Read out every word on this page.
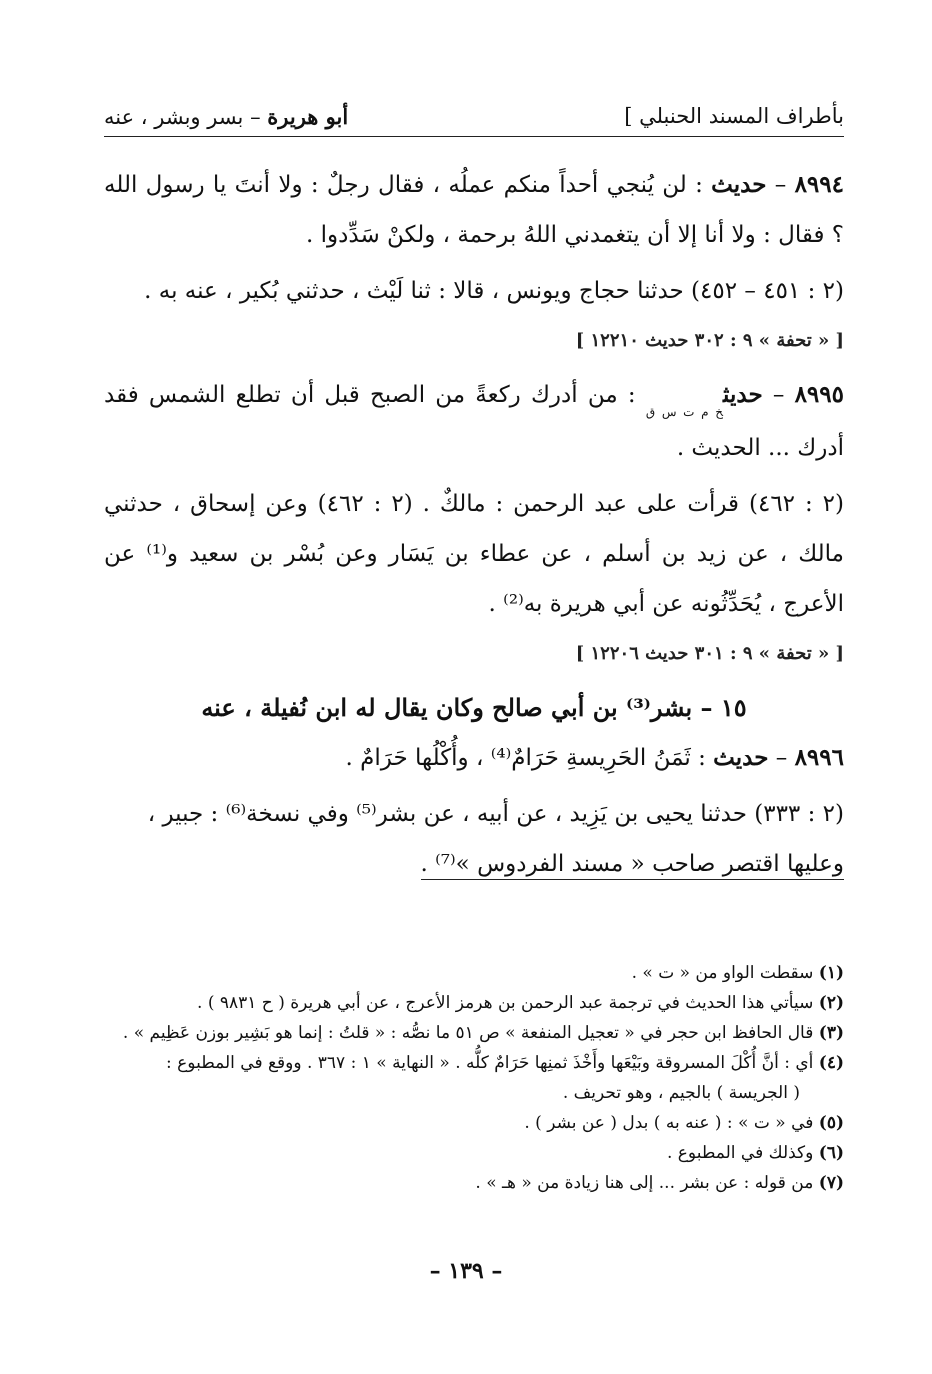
بأطراف المسند الحنبلي ]
أبو هريرة – بسر وبشر ، عنه

٨٩٩٤ – حديث : لن يُنجي أحداً منكم عملُه ، فقال رجلٌ : ولا أنتَ يا رسول الله ؟ فقال : ولا أنا إلا أن يتغمدني اللهُ برحمة ، ولكنْ سَدِّدوا .

(٢ : ٤٥١ – ٤٥٢) حدثنا حجاج ويونس ، قالا : ثنا لَيْث ، حدثني بُكير ، عنه به .

[ « تحفة » ٩ : ٣٠٢ حديث ١٢٢١٠ ]

٨٩٩٥ – حديث$_{خ م ت س ق}$ : من أدرك ركعةً من الصبح قبل أن تطلع الشمس فقد أدرك ... الحديث .

(٢ : ٤٦٢) قرأت على عبد الرحمن : مالكٌ . (٢ : ٤٦٢) وعن إسحاق ، حدثني مالك ، عن زيد بن أسلم ، عن عطاء بن يَسَار وعن بُسْر بن سعيد و⁽¹⁾ عن الأعرج ، يُحَدِّثُونه عن أبي هريرة به⁽²⁾ .

[ « تحفة » ٩ : ٣٠١ حديث ١٢٢٠٦ ]

١٥ – بشر⁽³⁾ بن أبي صالح وكان يقال له ابن نُفيلة ، عنه

٨٩٩٦ – حديث : ثَمَنُ الحَرِيسةِ حَرَامٌ⁽⁴⁾ ، وأُكْلُها حَرَامٌ .

(٢ : ٣٣٣) حدثنا يحيى بن يَزِيد ، عن أبيه ، عن بشر⁽⁵⁾ وفي نسخة⁽⁶⁾ : جبير ،
وعليها اقتصر صاحب « مسند الفردوس »⁽⁷⁾ .

(١) سقطت الواو من « ت » .

(٢) سيأتي هذا الحديث في ترجمة عبد الرحمن بن هرمز الأعرج ، عن أبي هريرة ( ح ٩٨٣١ ) .

(٣) قال الحافظ ابن حجر في « تعجيل المنفعة » ص ٥١ ما نصُّه : « قلتُ : إنما هو بَشِير بوزن عَظِيم » .

(٤) أي : أنَّ أُكْلَ المسروقة وبَيْعَها وأَخْذَ ثمنِها حَرَامٌ كلُّه . « النهاية » ١ : ٣٦٧ . ووقع في المطبوع :

( الجريسة ) بالجيم ، وهو تحريف .

(٥) في « ت » : ( عنه به ) بدل ( عن بشر ) .

(٦) وكذلك في المطبوع .

(٧) من قوله : عن بشر ... إلى هنا زيادة من « هـ » .

– ١٣٩ –
